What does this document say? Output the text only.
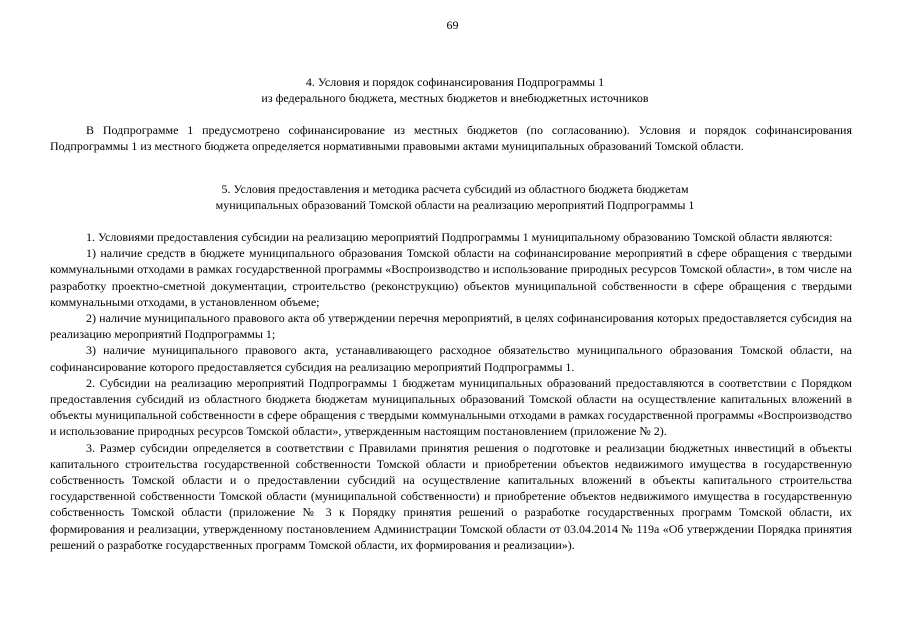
69
4. Условия и порядок софинансирования Подпрограммы 1
из федерального бюджета, местных бюджетов и внебюджетных источников

В Подпрограмме 1 предусмотрено софинансирование из местных бюджетов (по согласованию). Условия и порядок софинансирования Подпрограммы 1 из местного бюджета определяется нормативными правовыми актами муниципальных образований Томской области.

5. Условия предоставления и методика расчета субсидий из областного бюджета бюджетам
муниципальных образований Томской области на реализацию мероприятий Подпрограммы 1

1. Условиями предоставления субсидии на реализацию мероприятий Подпрограммы 1 муниципальному образованию Томской области являются:

1) наличие средств в бюджете муниципального образования Томской области на софинансирование мероприятий в сфере обращения с твердыми коммунальными отходами в рамках государственной программы «Воспроизводство и использование природных ресурсов Томской области», в том числе на разработку проектно-сметной документации, строительство (реконструкцию) объектов муниципальной собственности в сфере обращения с твердыми коммунальными отходами, в установленном объеме;

2) наличие муниципального правового акта об утверждении перечня мероприятий, в целях софинансирования которых предоставляется субсидия на реализацию мероприятий Подпрограммы 1;

3) наличие муниципального правового акта, устанавливающего расходное обязательство муниципального образования Томской области, на софинансирование которого предоставляется субсидия на реализацию мероприятий Подпрограммы 1.

2. Субсидии на реализацию мероприятий Подпрограммы 1 бюджетам муниципальных образований предоставляются в соответствии с Порядком предоставления субсидий из областного бюджета бюджетам муниципальных образований Томской области на осуществление капитальных вложений в объекты муниципальной собственности в сфере обращения с твердыми коммунальными отходами в рамках государственной программы «Воспроизводство и использование природных ресурсов Томской области», утвержденным настоящим постановлением (приложение № 2).

3. Размер субсидии определяется в соответствии с Правилами принятия решения о подготовке и реализации бюджетных инвестиций в объекты капитального строительства государственной собственности Томской области и приобретении объектов недвижимого имущества в государственную собственность Томской области и о предоставлении субсидий на осуществление капитальных вложений в объекты капитального строительства государственной собственности Томской области (муниципальной собственности) и приобретение объектов недвижимого имущества в государственную собственность Томской области (приложение № 3 к Порядку принятия решений о разработке государственных программ Томской области, их формирования и реализации, утвержденному постановлением Администрации Томской области от 03.04.2014 № 119а «Об утверждении Порядка принятия решений о разработке государственных программ Томской области, их формирования и реализации»).
